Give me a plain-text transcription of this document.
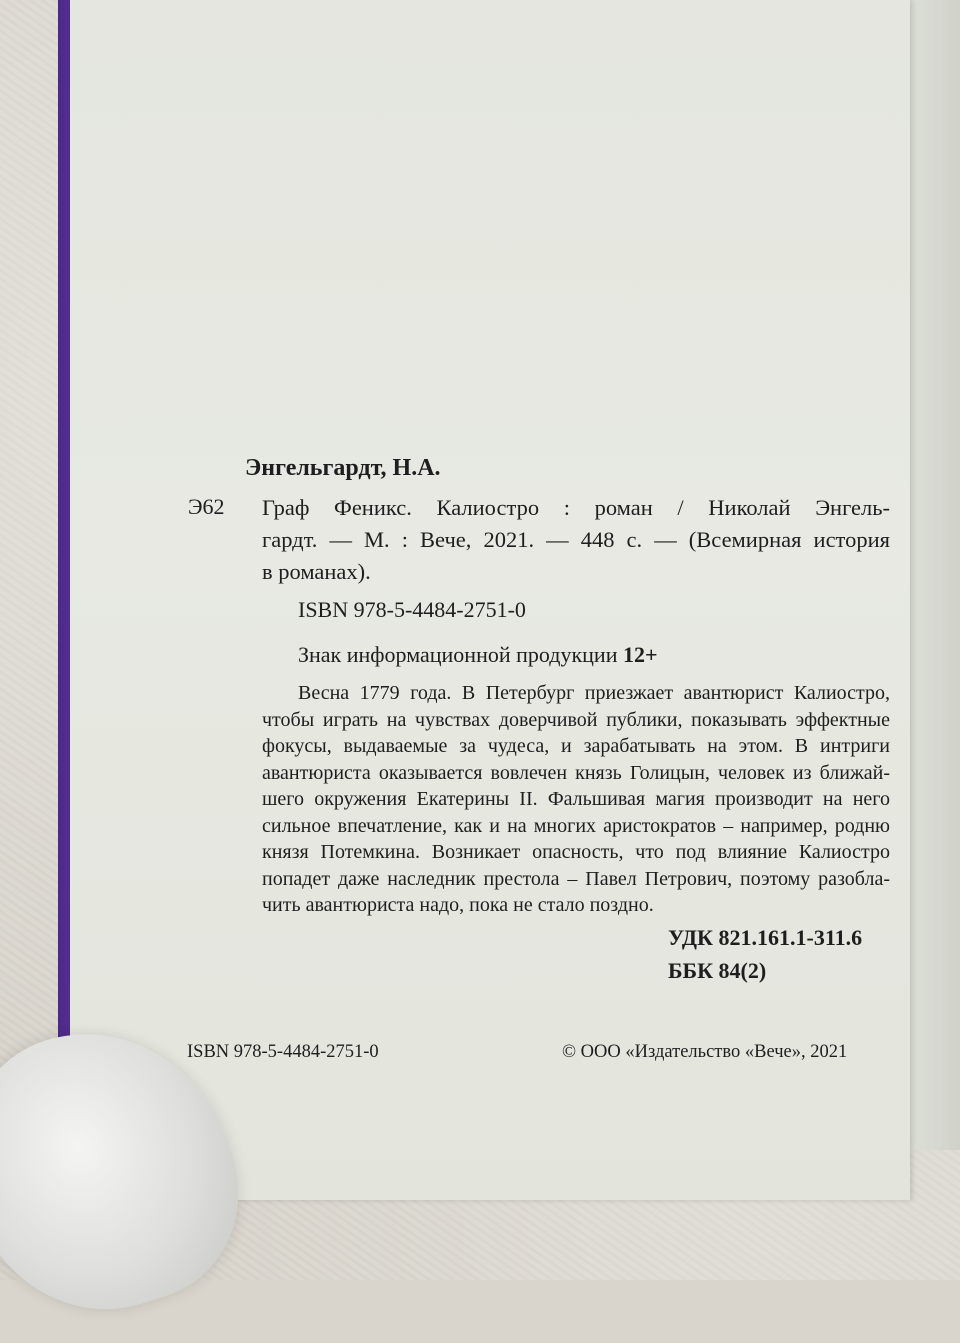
Энгельгардт, Н.А.
Э62 Граф Феникс. Калиостро : роман / Николай Энгель-
гардт. — М. : Вече, 2021. — 448 с. — (Всемирная история
в романах).
ISBN 978-5-4484-2751-0
Знак информационной продукции 12+
Весна 1779 года. В Петербург приезжает авантюрист Калиостро,
чтобы играть на чувствах доверчивой публики, показывать эффектные
фокусы, выдаваемые за чудеса, и зарабатывать на этом. В интриги
авантюриста оказывается вовлечен князь Голицын, человек из ближай-
шего окружения Екатерины II. Фальшивая магия производит на него
сильное впечатление, как и на многих аристократов – например, родню
князя Потемкина. Возникает опасность, что под влияние Калиостро
попадет даже наследник престола – Павел Петрович, поэтому разобла-
чить авантюриста надо, пока не стало поздно.
УДК 821.161.1-311.6
ББК 84(2)
ISBN 978-5-4484-2751-0	© ООО «Издательство «Вече», 2021
